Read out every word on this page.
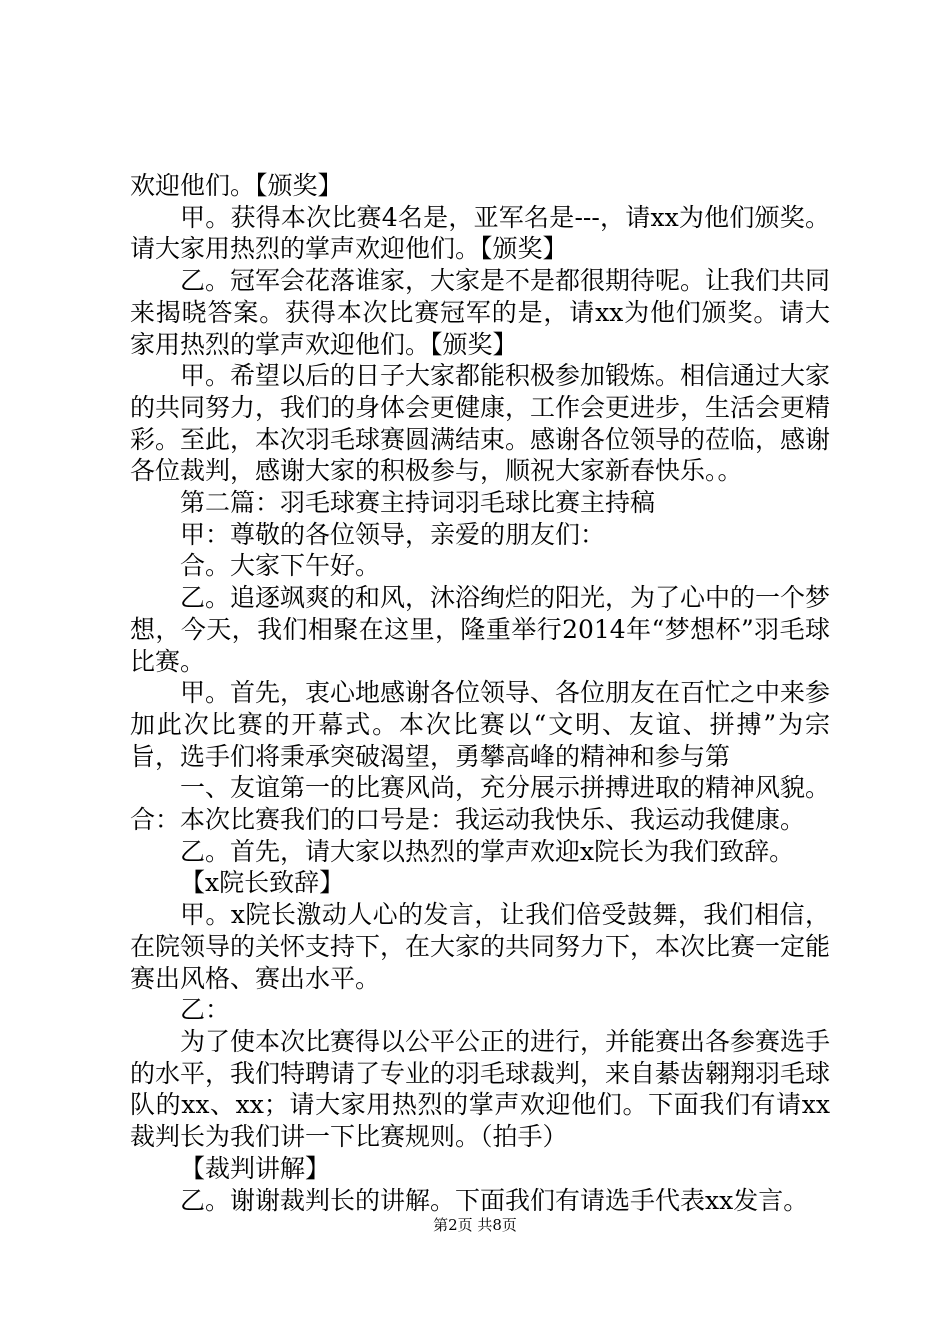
欢迎他们。【颁奖】

甲。获得本次比赛4名是，亚军名是---，请xx为他们颁奖。请大家用热烈的掌声欢迎他们。【颁奖】

乙。冠军会花落谁家，大家是不是都很期待呢。让我们共同来揭晓答案。获得本次比赛冠军的是，请xx为他们颁奖。请大家用热烈的掌声欢迎他们。【颁奖】

甲。希望以后的日子大家都能积极参加锻炼。相信通过大家的共同努力，我们的身体会更健康，工作会更进步，生活会更精彩。至此，本次羽毛球赛圆满结束。感谢各位领导的莅临，感谢各位裁判，感谢大家的积极参与，顺祝大家新春快乐。。

第二篇：羽毛球赛主持词羽毛球比赛主持稿

甲：尊敬的各位领导，亲爱的朋友们：

合。大家下午好。

乙。追逐飒爽的和风，沐浴绚烂的阳光，为了心中的一个梦想，今天，我们相聚在这里，隆重举行2014年“梦想杯”羽毛球比赛。

甲。首先，衷心地感谢各位领导、各位朋友在百忙之中来参加此次比赛的开幕式。本次比赛以“文明、友谊、拼搏”为宗旨，选手们将秉承突破渴望，勇攀高峰的精神和参与第

一、友谊第一的比赛风尚，充分展示拼搏进取的精神风貌。合：本次比赛我们的口号是：我运动我快乐、我运动我健康。

乙。首先，请大家以热烈的掌声欢迎x院长为我们致辞。

【x院长致辞】

甲。x院长激动人心的发言，让我们倍受鼓舞，我们相信，在院领导的关怀支持下，在大家的共同努力下，本次比赛一定能赛出风格、赛出水平。

乙：

为了使本次比赛得以公平公正的进行，并能赛出各参赛选手的水平，我们特聘请了专业的羽毛球裁判，来自綦齿翱翔羽毛球队的xx、xx；请大家用热烈的掌声欢迎他们。下面我们有请xx裁判长为我们讲一下比赛规则。（拍手）

【裁判讲解】

乙。谢谢裁判长的讲解。下面我们有请选手代表xx发言。

第2页 共8页
